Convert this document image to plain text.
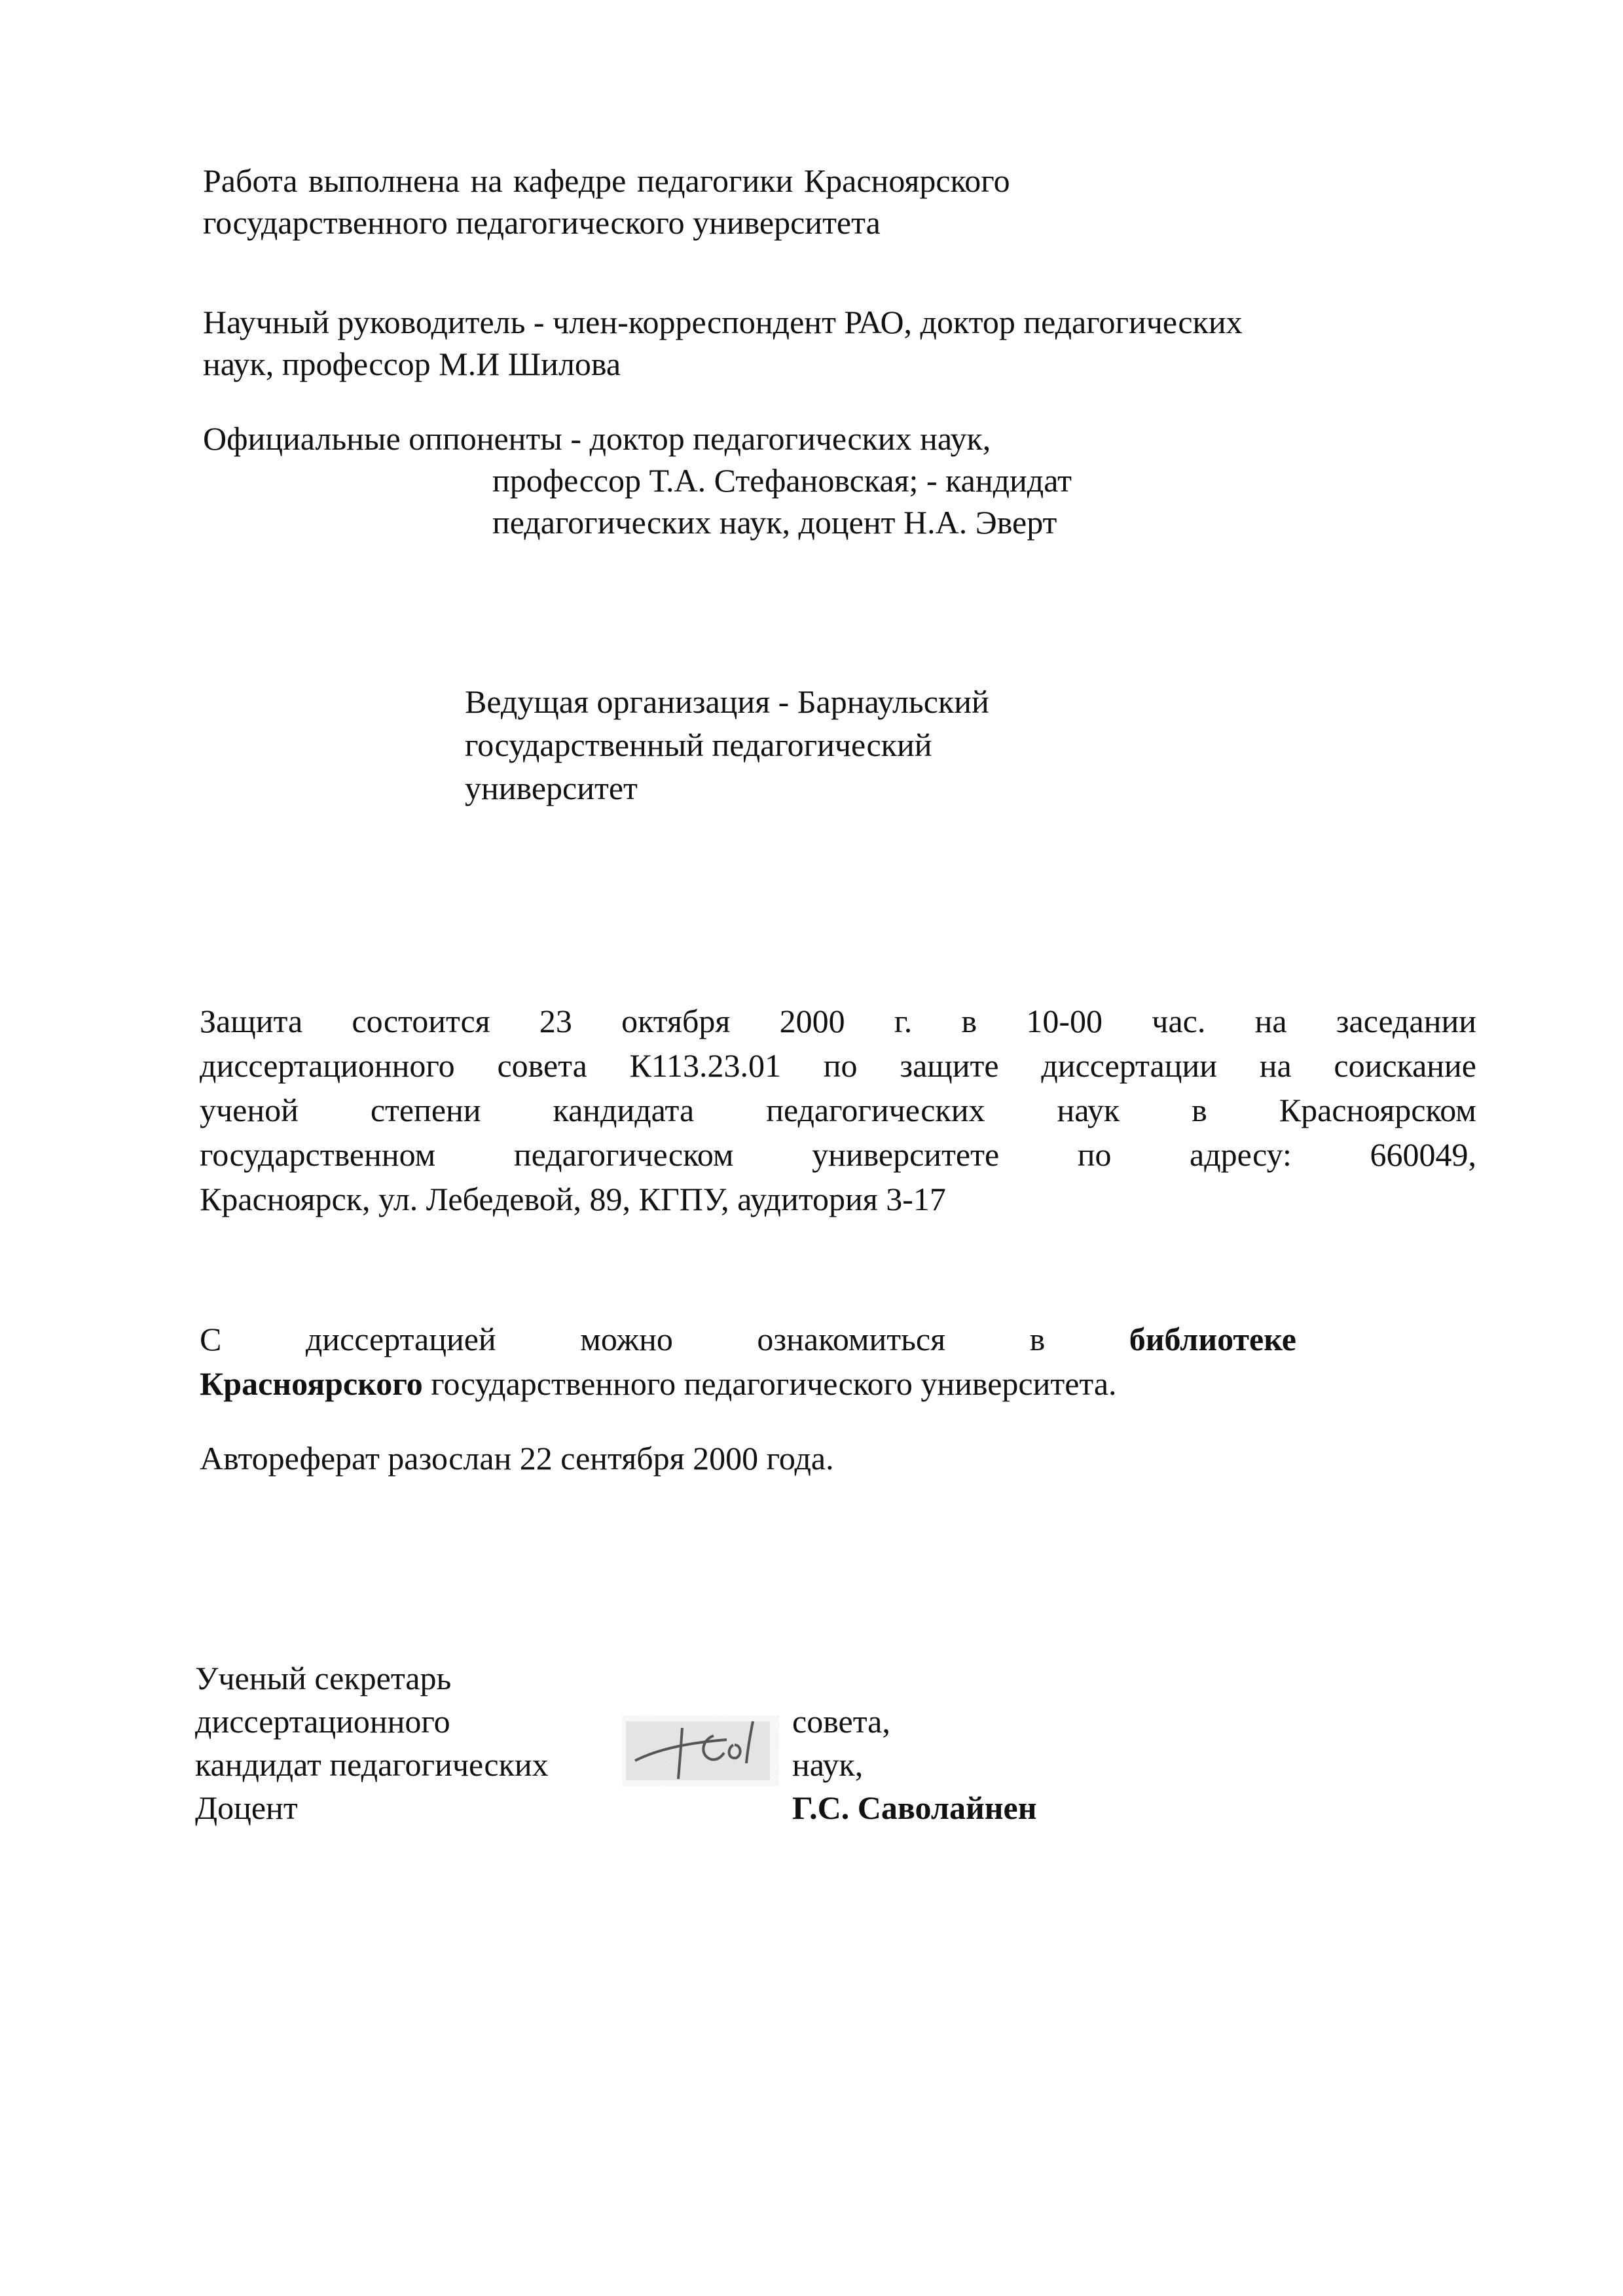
Работа выполнена на кафедре педагогики Красноярского
государственного педагогического университета
Научный руководитель - член-корреспондент РАО, доктор педагогических
наук, профессор М.И Шилова
Официальные оппоненты - доктор педагогических наук,
профессор Т.А. Стефановская; - кандидат
педагогических наук, доцент Н.А. Эверт
Ведущая организация - Барнаульский
государственный педагогический
университет
Защита состоится 23 октября 2000 г. в 10-00 час. на заседании
диссертационного совета К113.23.01 по защите диссертации на соискание
ученой степени кандидата педагогических наук в Красноярском
государственном педагогическом университете по адресу: 660049,
Красноярск, ул. Лебедевой, 89, КГПУ, аудитория 3-17
С	диссертацией	можно	ознакомиться	в	библиотеке
Красноярского государственного педагогического университета.
Автореферат разослан 22 сентября 2000 года.
Ученый секретарь
диссертационного
кандидат педагогических
Доцент
совета,
наук,
Г.С. Саволайнен
